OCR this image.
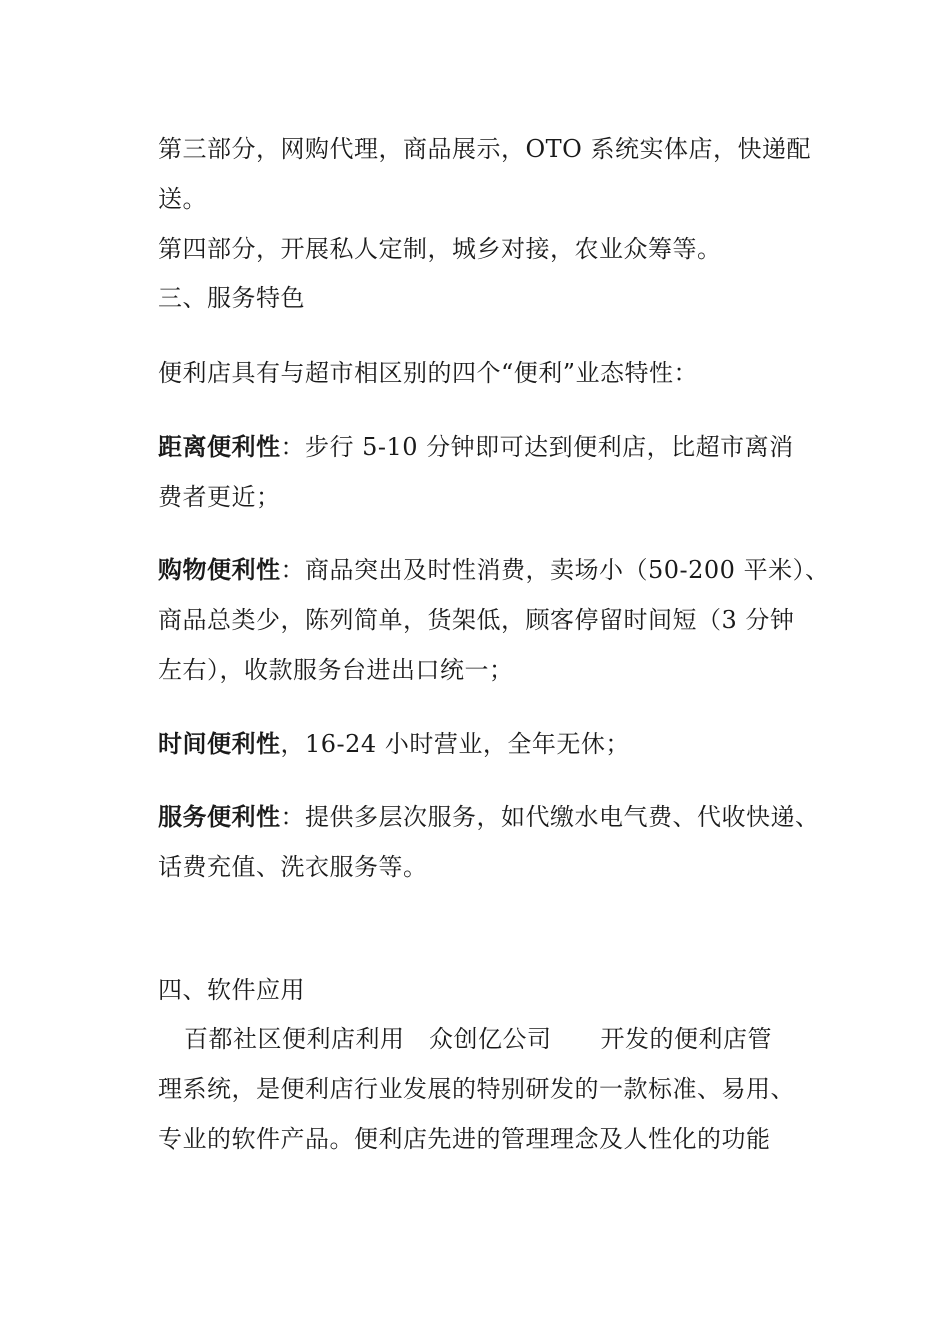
第三部分，网购代理，商品展示，OTO 系统实体店，快递配
送。
第四部分，开展私人定制，城乡对接，农业众筹等。
三、服务特色
便利店具有与超市相区别的四个“便利”业态特性：
距离便利性：步行 5-10 分钟即可达到便利店，比超市离消
费者更近；
购物便利性：商品突出及时性消费，卖场小（50-200 平米）、
商品总类少，陈列简单，货架低，顾客停留时间短（3 分钟
左右），收款服务台进出口统一；
时间便利性，16-24 小时营业，全年无休；
服务便利性：提供多层次服务，如代缴水电气费、代收快递、
话费充值、洗衣服务等。
四、软件应用
百都社区便利店利用　众创亿公司　　开发的便利店管
理系统，是便利店行业发展的特别研发的一款标准、易用、
专业的软件产品。便利店先进的管理理念及人性化的功能
